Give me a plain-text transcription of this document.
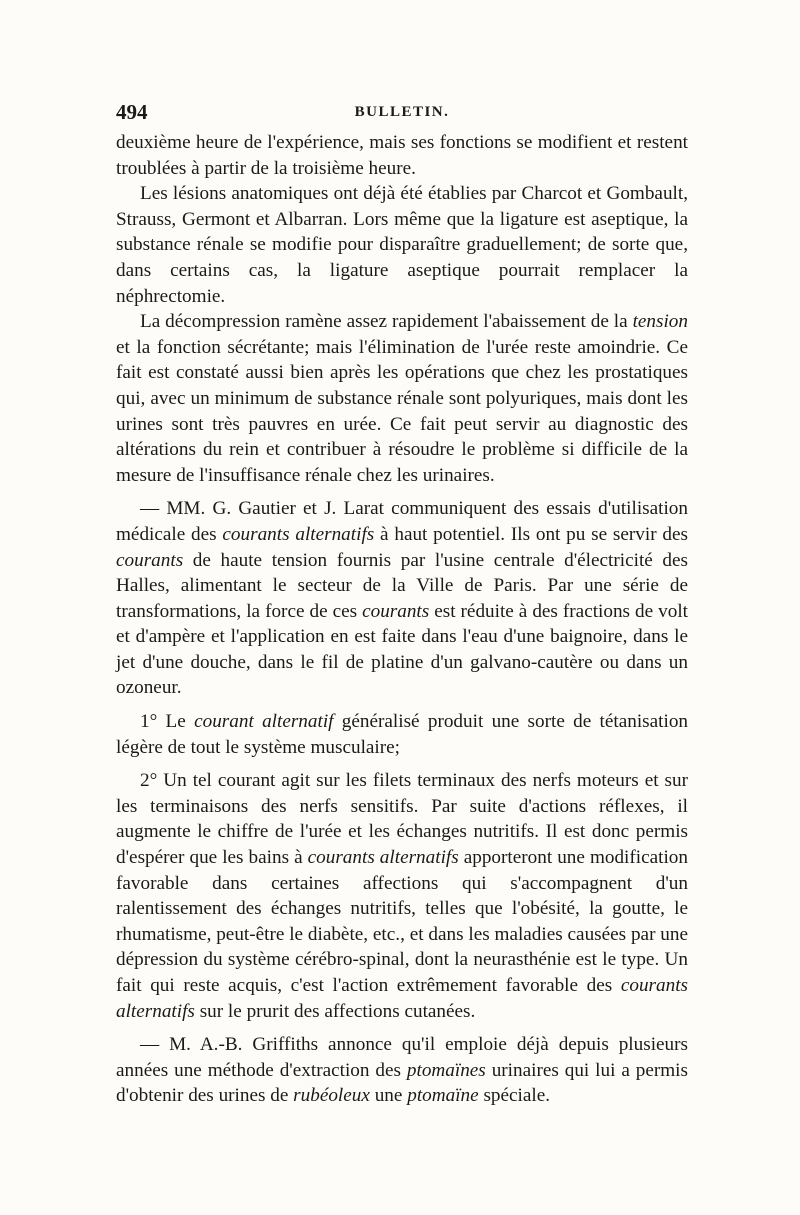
494	BULLETIN.

deuxième heure de l'expérience, mais ses fonctions se modifient et restent troublées à partir de la troisième heure.

Les lésions anatomiques ont déjà été établies par Charcot et Gombault, Strauss, Germont et Albarran. Lors même que la ligature est aseptique, la substance rénale se modifie pour disparaître graduellement; de sorte que, dans certains cas, la ligature aseptique pourrait remplacer la néphrectomie.

La décompression ramène assez rapidement l'abaissement de la tension et la fonction sécrétante; mais l'élimination de l'urée reste amoindrie. Ce fait est constaté aussi bien après les opérations que chez les prostatiques qui, avec un minimum de substance rénale sont polyuriques, mais dont les urines sont très pauvres en urée. Ce fait peut servir au diagnostic des altérations du rein et contribuer à résoudre le problème si difficile de la mesure de l'insuffisance rénale chez les urinaires.

— MM. G. Gautier et J. Larat communiquent des essais d'utilisation médicale des courants alternatifs à haut potentiel. Ils ont pu se servir des courants de haute tension fournis par l'usine centrale d'électricité des Halles, alimentant le secteur de la Ville de Paris. Par une série de transformations, la force de ces courants est réduite à des fractions de volt et d'ampère et l'application en est faite dans l'eau d'une baignoire, dans le jet d'une douche, dans le fil de platine d'un galvano-cautère ou dans un ozoneur.

1° Le courant alternatif généralisé produit une sorte de tétanisation légère de tout le système musculaire;

2° Un tel courant agit sur les filets terminaux des nerfs moteurs et sur les terminaisons des nerfs sensitifs. Par suite d'actions réflexes, il augmente le chiffre de l'urée et les échanges nutritifs. Il est donc permis d'espérer que les bains à courants alternatifs apporteront une modification favorable dans certaines affections qui s'accompagnent d'un ralentissement des échanges nutritifs, telles que l'obésité, la goutte, le rhumatisme, peut-être le diabète, etc., et dans les maladies causées par une dépression du système cérébro-spinal, dont la neurasthénie est le type. Un fait qui reste acquis, c'est l'action extrêmement favorable des courants alternatifs sur le prurit des affections cutanées.

— M. A.-B. Griffiths annonce qu'il emploie déjà depuis plusieurs années une méthode d'extraction des ptomaïnes urinaires qui lui a permis d'obtenir des urines de rubéoleux une ptomaïne spéciale.
